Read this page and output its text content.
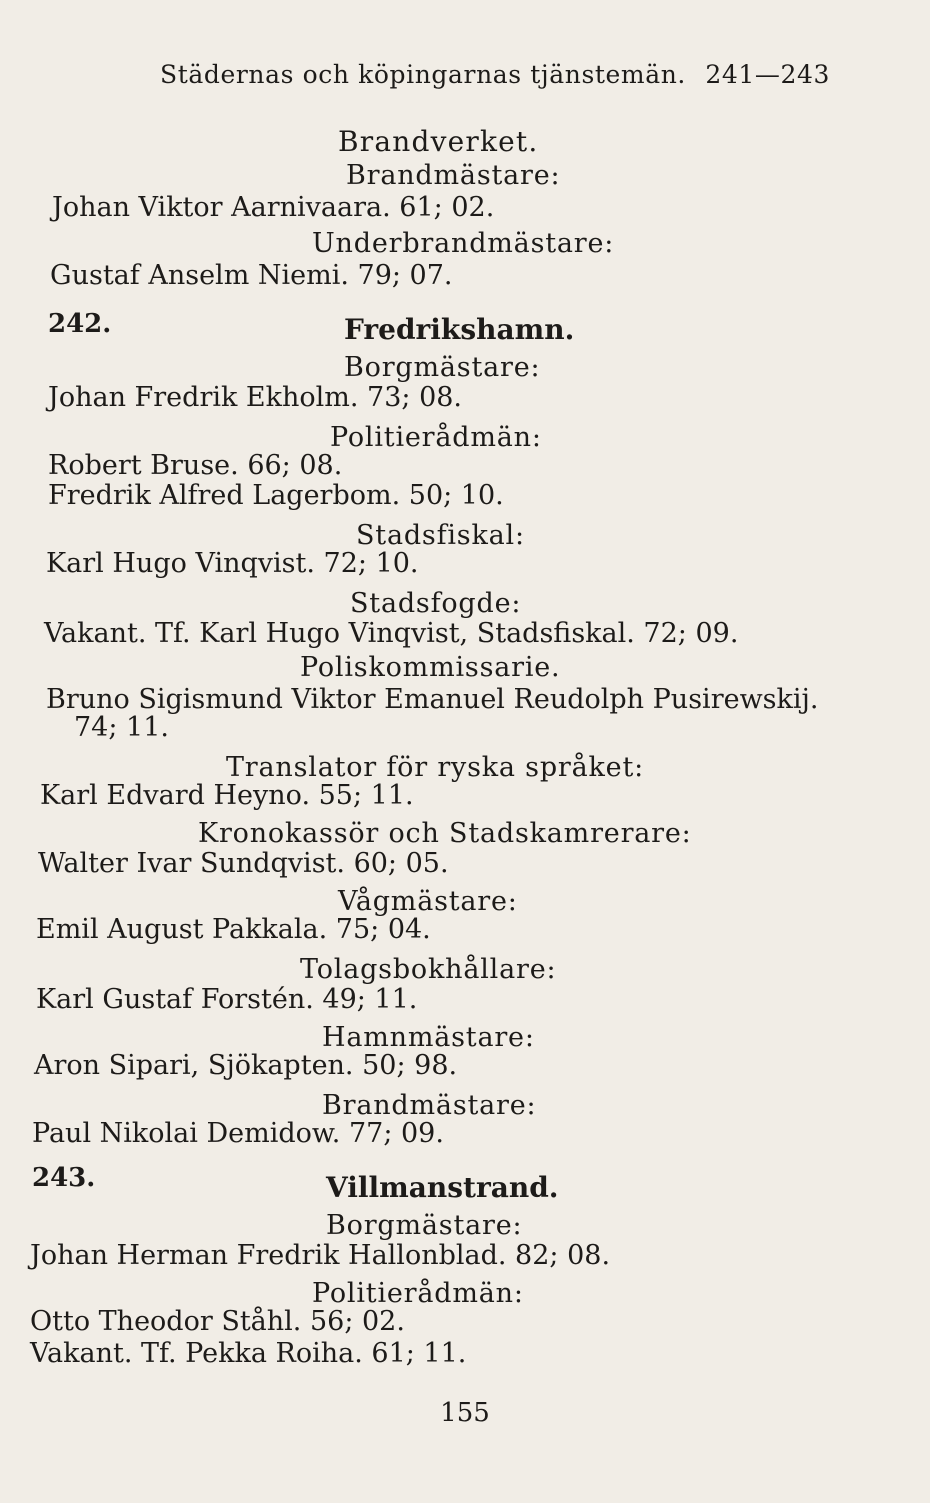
Städernas och köpingarnas tjänstemän. 241—243
Brandverket.
Brandmästare:
Johan Viktor Aarnivaara. 61; 02.
Underbrandmästare:
Gustaf Anselm Niemi. 79; 07.
242.	Fredrikshamn.
Borgmästare:
Johan Fredrik Ekholm. 73; 08.
Politierådmän:
Robert Bruse. 66; 08.
Fredrik Alfred Lagerbom. 50; 10.
Stadsfiskal:
Karl Hugo Vinqvist. 72; 10.
Stadsfogde:
Vakant. Tf. Karl Hugo Vinqvist, Stadsfiskal. 72; 09.
Poliskommissarie.
Bruno Sigismund Viktor Emanuel Reudolph Pusirewskij.
74; 11.
Translator för ryska språket:
Karl Edvard Heyno. 55; 11.
Kronokassör och Stadskamrerare:
Walter Ivar Sundqvist. 60; 05.
Vågmästare:
Emil August Pakkala. 75; 04.
Tolagsbokhållare:
Karl Gustaf Forstén. 49; 11.
Hamnmästare:
Aron Sipari, Sjökapten. 50; 98.
Brandmästare:
Paul Nikolai Demidow. 77; 09.
243.	Villmanstrand.
Borgmästare:
Johan Herman Fredrik Hallonblad. 82; 08.
Politierådmän:
Otto Theodor Ståhl. 56; 02.
Vakant. Tf. Pekka Roiha. 61; 11.
155
